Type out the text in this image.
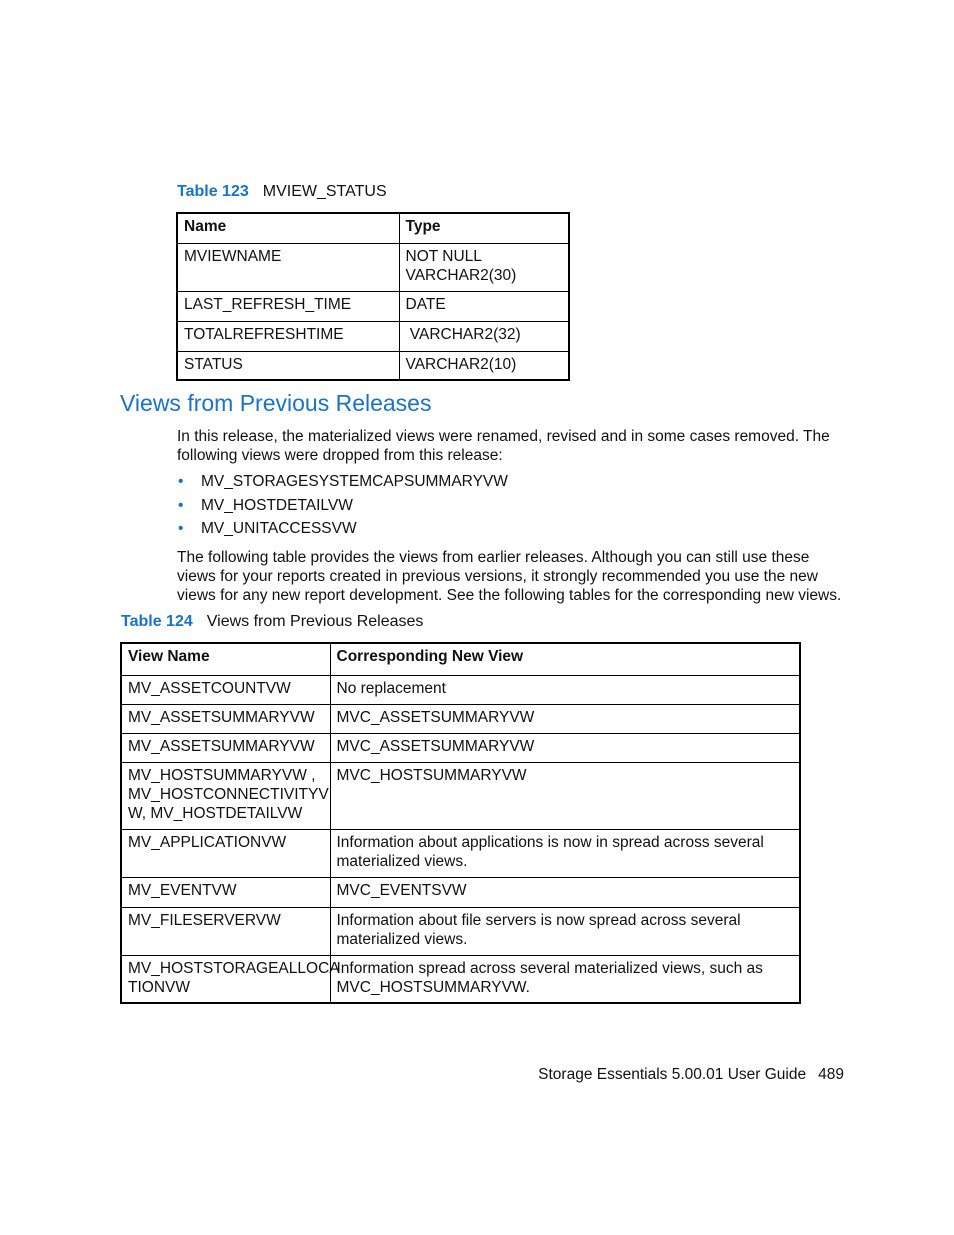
Table 123 MVIEW_STATUS
Name	Type
MVIEWNAME	NOT NULL
VARCHAR2(30)
LAST_REFRESH_TIME	DATE
TOTALREFRESHTIME	VARCHAR2(32)
STATUS	VARCHAR2(10)
Views from Previous Releases

In this release, the materialized views were renamed, revised and in some cases removed. The following views were dropped from this release:

• MV_STORAGESYSTEMCAPSUMMARYVW
• MV_HOSTDETAILVW
• MV_UNITACCESSVW

The following table provides the views from earlier releases. Although you can still use these views for your reports created in previous versions, it strongly recommended you use the new views for any new report development. See the following tables for the corresponding new views.

Table 124 Views from Previous Releases
View Name	Corresponding New View
MV_ASSETCOUNTVW	No replacement
MV_ASSETSUMMARYVW	MVC_ASSETSUMMARYVW
MV_ASSETSUMMARYVW	MVC_ASSETSUMMARYVW
MV_HOSTSUMMARYVW ,
MV_HOSTCONNECTIVITYV
W, MV_HOSTDETAILVW	MVC_HOSTSUMMARYVW
MV_APPLICATIONVW	Information about applications is now in spread across several
materialized views.
MV_EVENTVW	MVC_EVENTSVW
MV_FILESERVERVW	Information about file servers is now spread across several
materialized views.
MV_HOSTSTORAGEALLOCA
TIONVW	Information spread across several materialized views, such as
MVC_HOSTSUMMARYVW.
Storage Essentials 5.00.01 User Guide 489
